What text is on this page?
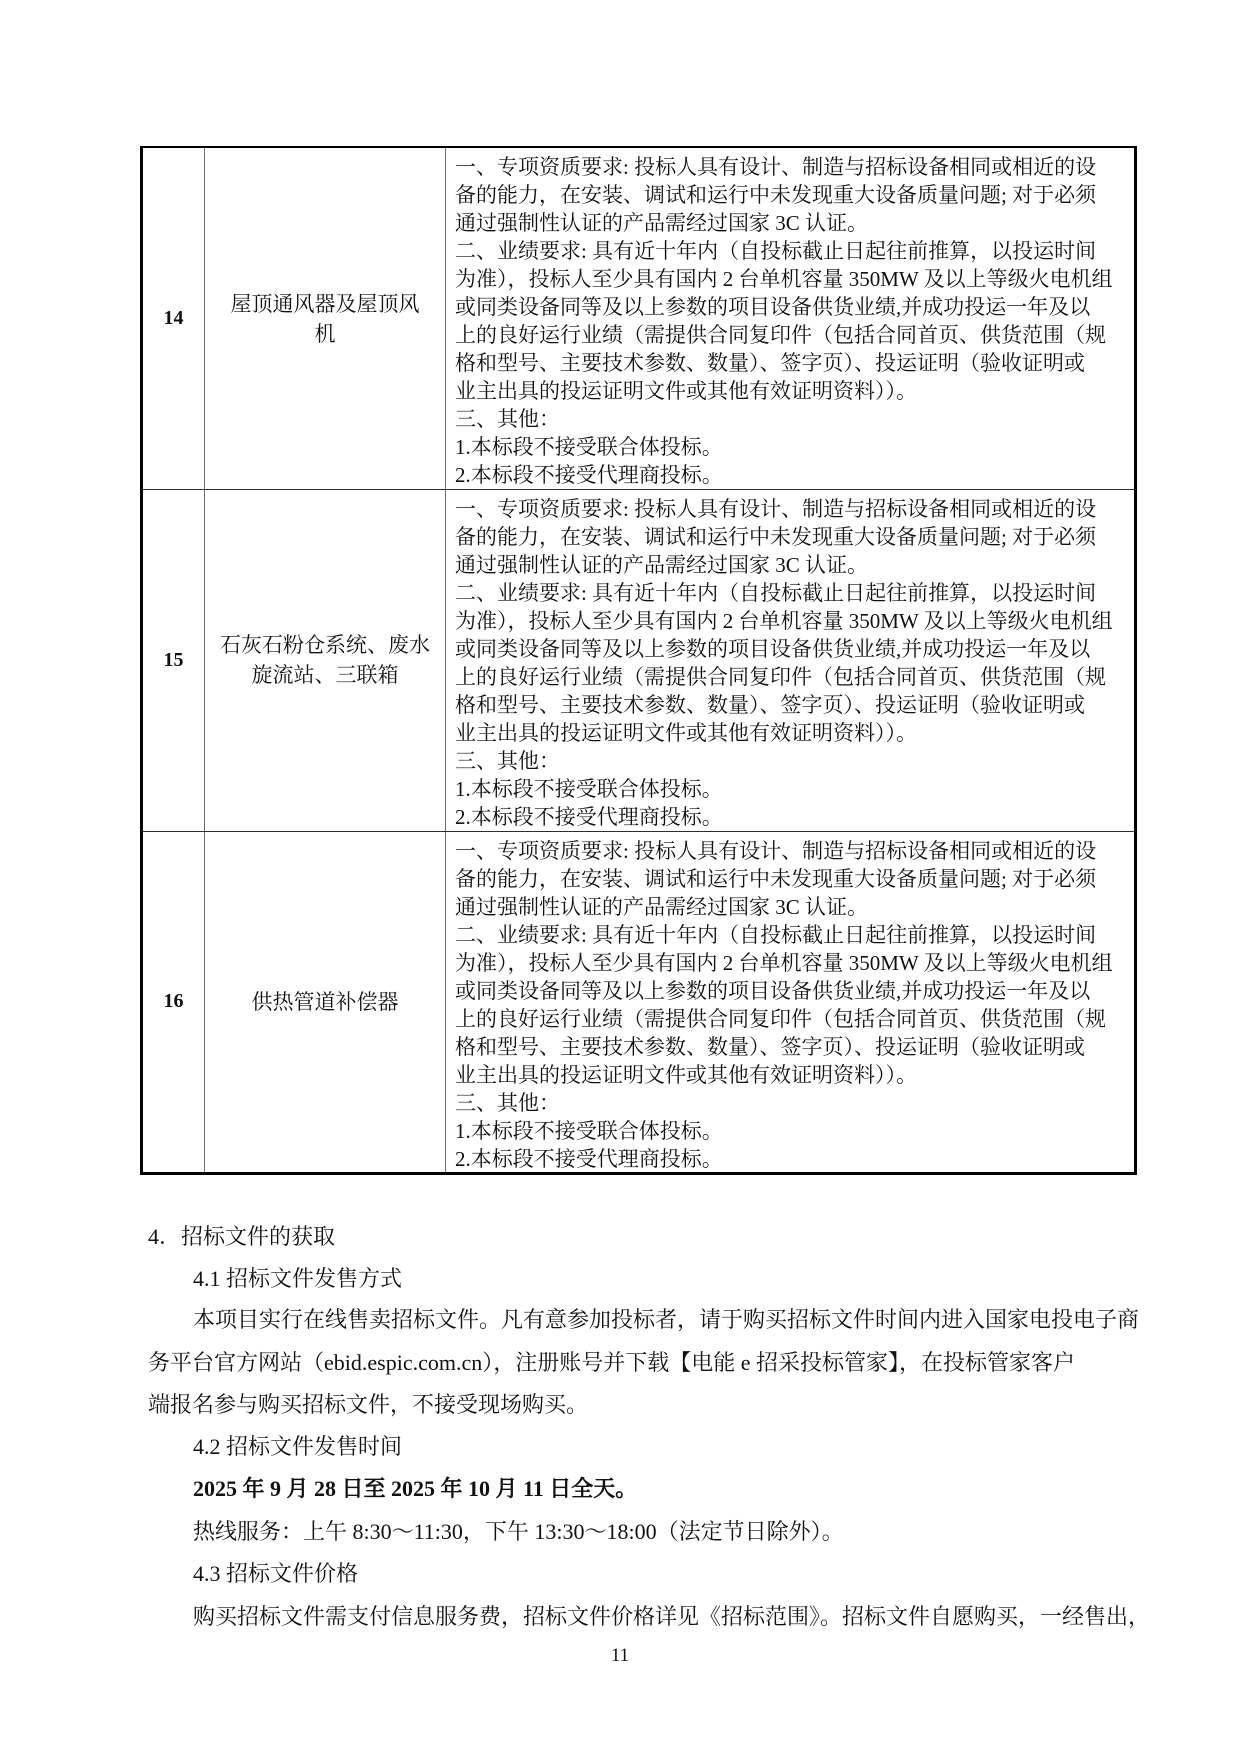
14
屋顶通风器及屋顶风
机
一、专项资质要求: 投标人具有设计、制造与招标设备相同或相近的设
备的能力，在安装、调试和运行中未发现重大设备质量问题; 对于必须
通过强制性认证的产品需经过国家 3C 认证。
二、业绩要求: 具有近十年内（自投标截止日起往前推算，以投运时间
为准），投标人至少具有国内 2 台单机容量 350MW 及以上等级火电机组
或同类设备同等及以上参数的项目设备供货业绩,并成功投运一年及以
上的良好运行业绩（需提供合同复印件（包括合同首页、供货范围（规
格和型号、主要技术参数、数量）、签字页）、投运证明（验收证明或
业主出具的投运证明文件或其他有效证明资料））。
三、其他：
1.本标段不接受联合体投标。
2.本标段不接受代理商投标。
15
石灰石粉仓系统、废水
旋流站、三联箱
一、专项资质要求: 投标人具有设计、制造与招标设备相同或相近的设
备的能力，在安装、调试和运行中未发现重大设备质量问题; 对于必须
通过强制性认证的产品需经过国家 3C 认证。
二、业绩要求: 具有近十年内（自投标截止日起往前推算，以投运时间
为准），投标人至少具有国内 2 台单机容量 350MW 及以上等级火电机组
或同类设备同等及以上参数的项目设备供货业绩,并成功投运一年及以
上的良好运行业绩（需提供合同复印件（包括合同首页、供货范围（规
格和型号、主要技术参数、数量）、签字页）、投运证明（验收证明或
业主出具的投运证明文件或其他有效证明资料））。
三、其他：
1.本标段不接受联合体投标。
2.本标段不接受代理商投标。
16	供热管道补偿器
一、专项资质要求: 投标人具有设计、制造与招标设备相同或相近的设
备的能力，在安装、调试和运行中未发现重大设备质量问题; 对于必须
通过强制性认证的产品需经过国家 3C 认证。
二、业绩要求: 具有近十年内（自投标截止日起往前推算，以投运时间
为准），投标人至少具有国内 2 台单机容量 350MW 及以上等级火电机组
或同类设备同等及以上参数的项目设备供货业绩,并成功投运一年及以
上的良好运行业绩（需提供合同复印件（包括合同首页、供货范围（规
格和型号、主要技术参数、数量）、签字页）、投运证明（验收证明或
业主出具的投运证明文件或其他有效证明资料））。
三、其他：
1.本标段不接受联合体投标。
2.本标段不接受代理商投标。
4．招标文件的获取
4.1 招标文件发售方式
本项目实行在线售卖招标文件。凡有意参加投标者，请于购买招标文件时间内进入国家电投电子商
务平台官方网站（ebid.espic.com.cn），注册账号并下载【电能 e 招采投标管家】，在投标管家客户
端报名参与购买招标文件，不接受现场购买。
4.2 招标文件发售时间
2025 年 9 月 28 日至 2025 年 10 月 11 日全天。
热线服务：上午 8:30～11:30，下午 13:30～18:00（法定节日除外）。
4.3 招标文件价格
购买招标文件需支付信息服务费，招标文件价格详见《招标范围》。招标文件自愿购买，一经售出，
11
